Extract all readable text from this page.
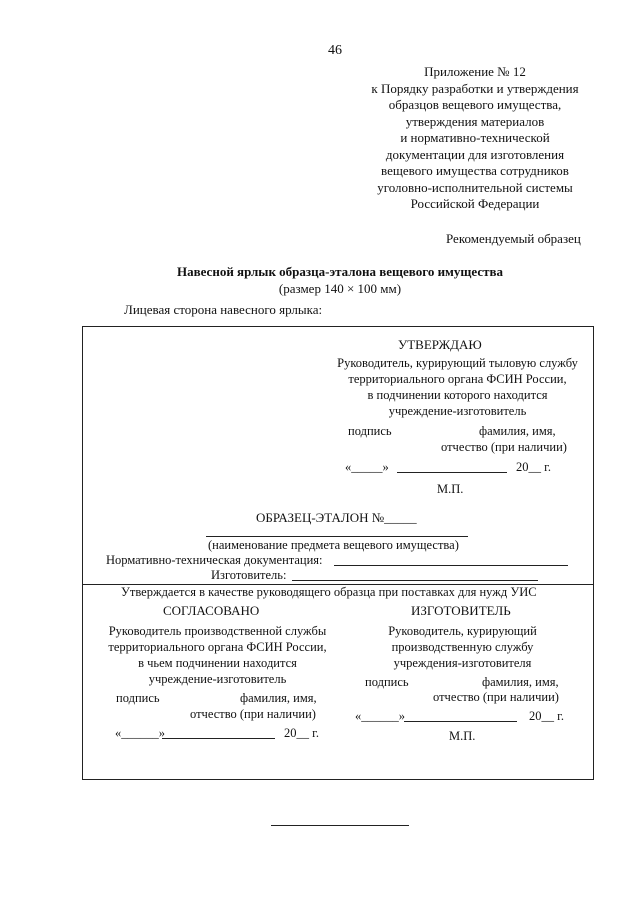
46
Приложение № 12
к Порядку разработки и утверждения
образцов вещевого имущества,
утверждения материалов
и нормативно-технической
документации для изготовления
вещевого имущества сотрудников
уголовно-исполнительной системы
Российской Федерации
Рекомендуемый образец
Навесной ярлык образца-эталона вещевого имущества
(размер 140 × 100 мм)
Лицевая сторона навесного ярлыка:
УТВЕРЖДАЮ
Руководитель, курирующий тыловую службу
территориального органа ФСИН России,
в подчинении которого находится
учреждение-изготовитель
подпись	фамилия, имя,
отчество (при наличии)
«_____»	20__ г.
М.П.
ОБРАЗЕЦ-ЭТАЛОН №_____
(наименование предмета вещевого имущества)
Нормативно-техническая документация:
Изготовитель:
Утверждается в качестве руководящего образца при поставках для нужд УИС
СОГЛАСОВАНО
Руководитель производственной службы
территориального органа ФСИН России,
в чьем подчинении находится
учреждение-изготовитель
подпись	фамилия, имя,
отчество (при наличии)
«______»	20__ г.
ИЗГОТОВИТЕЛЬ
Руководитель, курирующий
производственную службу
учреждения-изготовителя
подпись	фамилия, имя,
отчество (при наличии)
«______»	20__ г.
М.П.
